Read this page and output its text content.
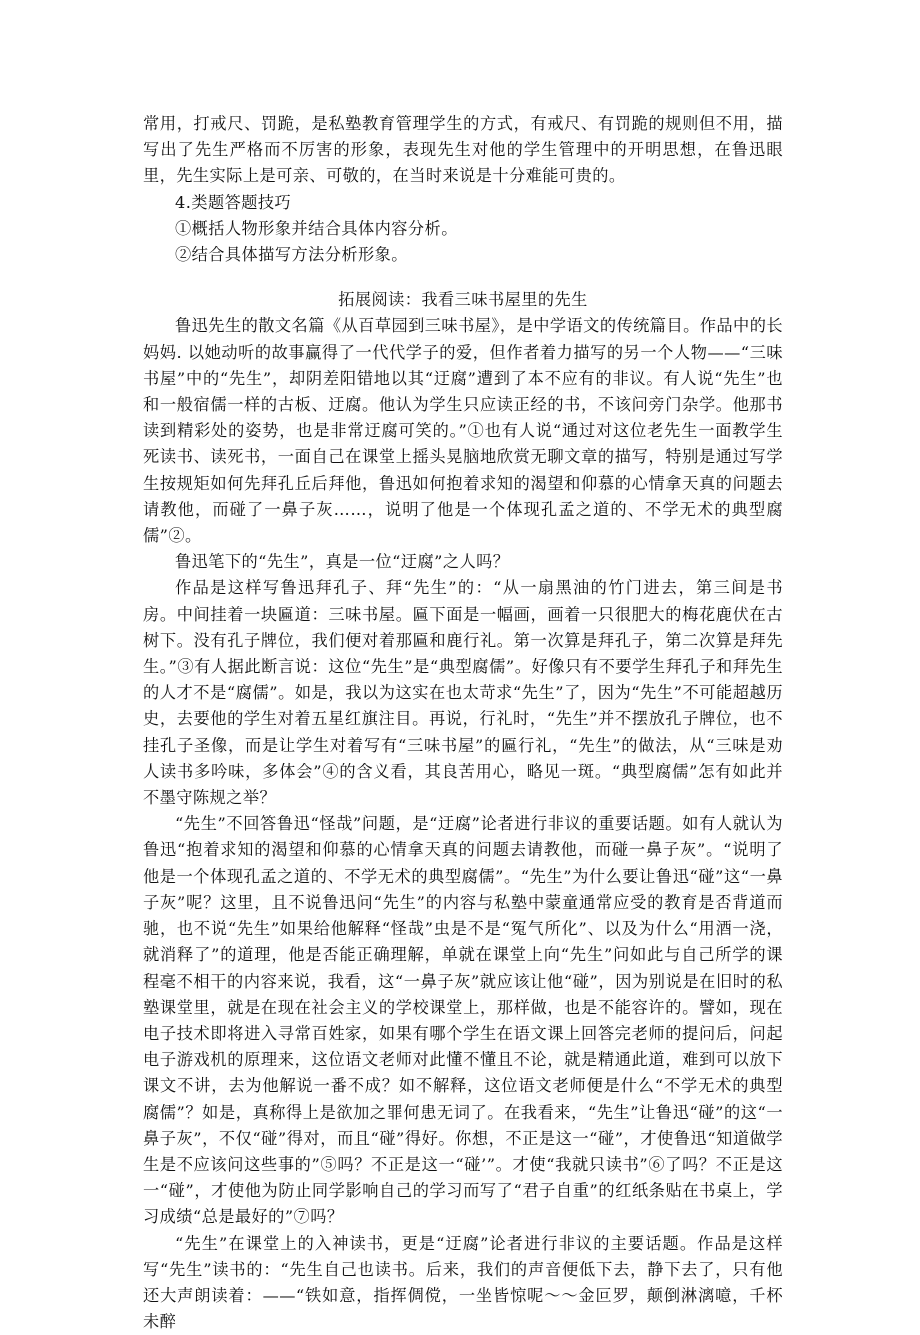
常用，打戒尺、罚跪，是私塾教育管理学生的方式，有戒尺、有罚跪的规则但不用，描写出了先生严格而不厉害的形象，表现先生对他的学生管理中的开明思想，在鲁迅眼里，先生实际上是可亲、可敬的，在当时来说是十分难能可贵的。

4.类题答题技巧

①概括人物形象并结合具体内容分析。

②结合具体描写方法分析形象。

拓展阅读：我看三味书屋里的先生

鲁迅先生的散文名篇《从百草园到三味书屋》，是中学语文的传统篇目。作品中的长妈妈. 以她动听的故事赢得了一代代学子的爱，但作者着力描写的另一个人物——“三味书屋”中的“先生”，却阴差阳错地以其“迂腐”遭到了本不应有的非议。有人说“先生”也和一般宿儒一样的古板、迂腐。他认为学生只应读正经的书，不该问旁门杂学。他那书读到精彩处的姿势，也是非常迂腐可笑的。”①也有人说“通过对这位老先生一面教学生死读书、读死书，一面自己在课堂上摇头晃脑地欣赏无聊文章的描写，特别是通过写学生按规矩如何先拜孔丘后拜他，鲁迅如何抱着求知的渴望和仰慕的心情拿天真的问题去请教他，而碰了一鼻子灰……，说明了他是一个体现孔孟之道的、不学无术的典型腐儒”②。

鲁迅笔下的“先生”，真是一位“迂腐”之人吗？

作品是这样写鲁迅拜孔子、拜“先生”的：“从一扇黑油的竹门进去，第三间是书房。中间挂着一块匾道：三味书屋。匾下面是一幅画，画着一只很肥大的梅花鹿伏在古树下。没有孔子牌位，我们便对着那匾和鹿行礼。第一次算是拜孔子，第二次算是拜先生。”③有人据此断言说：这位“先生”是“典型腐儒”。好像只有不要学生拜孔子和拜先生的人才不是“腐儒”。如是，我以为这实在也太苛求“先生”了，因为“先生”不可能超越历史，去要他的学生对着五星红旗注目。再说，行礼时，“先生”并不摆放孔子牌位，也不挂孔子圣像，而是让学生对着写有“三味书屋”的匾行礼，“先生”的做法，从“三味是劝人读书多吟味，多体会”④的含义看，其良苦用心，略见一斑。“典型腐儒”怎有如此并不墨守陈规之举？

“先生”不回答鲁迅“怪哉”问题，是“迂腐”论者进行非议的重要话题。如有人就认为鲁迅“抱着求知的渴望和仰慕的心情拿天真的问题去请教他，而碰一鼻子灰”。“说明了他是一个体现孔孟之道的、不学无术的典型腐儒”。“先生”为什么要让鲁迅“碰”这“一鼻子灰”呢？这里，且不说鲁迅问“先生”的内容与私塾中蒙童通常应受的教育是否背道而驰，也不说“先生”如果给他解释“怪哉”虫是不是“冤气所化”、以及为什么“用酒一浇，就消释了”的道理，他是否能正确理解，单就在课堂上向“先生”问如此与自己所学的课程毫不相干的内容来说，我看，这“一鼻子灰”就应该让他“碰”，因为别说是在旧时的私塾课堂里，就是在现在社会主义的学校课堂上，那样做，也是不能容许的。譬如，现在电子技术即将进入寻常百姓家，如果有哪个学生在语文课上回答完老师的提问后，问起电子游戏机的原理来，这位语文老师对此懂不懂且不论，就是精通此道，难到可以放下课文不讲，去为他解说一番不成？如不解释，这位语文老师便是什么“不学无术的典型腐儒”？如是，真称得上是欲加之罪何患无词了。在我看来，“先生”让鲁迅“碰”的这“一鼻子灰”，不仅“碰”得对，而且“碰”得好。你想，不正是这一“碰”，才使鲁迅“知道做学生是不应该问这些事的”⑤吗？不正是这一“碰’”。才使“我就只读书”⑥了吗？不正是这一“碰”，才使他为防止同学影响自己的学习而写了“君子自重”的红纸条贴在书桌上，学习成绩“总是最好的”⑦吗？

“先生”在课堂上的入神读书，更是“迂腐”论者进行非议的主要话题。作品是这样写“先生”读书的：“先生自己也读书。后来，我们的声音便低下去，静下去了，只有他还大声朗读着：——“铁如意，指挥倜傥，一坐皆惊呢～～金叵罗，颠倒淋漓噫，千杯未醉
